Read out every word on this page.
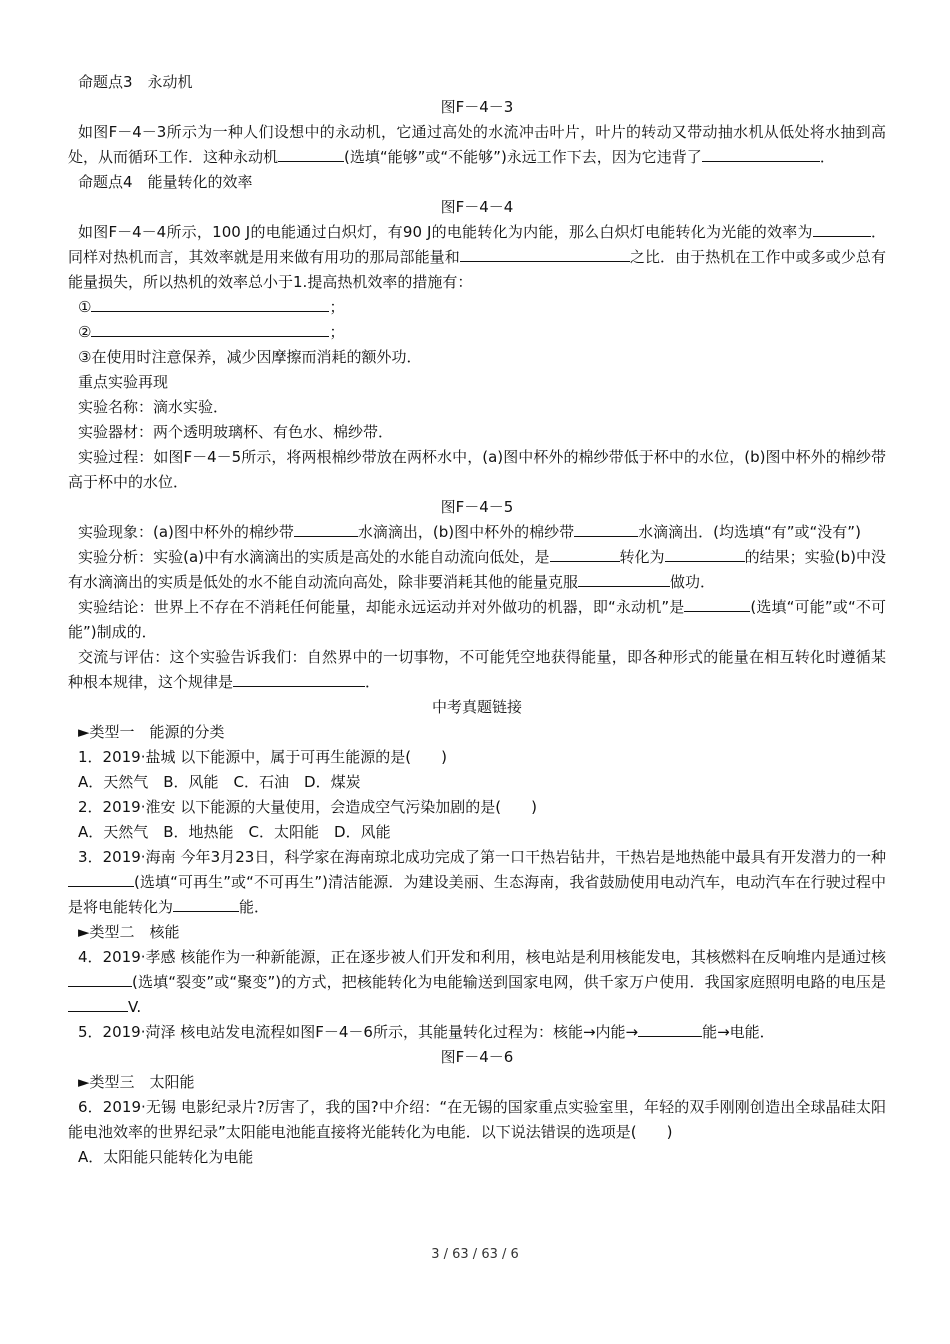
命题点3　永动机

图F－4－3

如图F－4－3所示为一种人们设想中的永动机，它通过高处的水流冲击叶片，叶片的转动又带动抽水机从低处将水抽到高处，从而循环工作．这种永动机	(选填“能够”或“不能够”)永远工作下去，因为它违背了	．

命题点4　能量转化的效率

图F－4－4

如图F－4－4所示，100 J的电能通过白炽灯，有90 J的电能转化为内能，那么白炽灯电能转化为光能的效率为	．同样对热机而言，其效率就是用来做有用功的那局部能量和	之比．由于热机在工作中或多或少总有能量损失，所以热机的效率总小于1.提高热机效率的措施有：

①	；

②	；

③在使用时注意保养，减少因摩擦而消耗的额外功．

重点实验再现

实验名称：滴水实验．

实验器材：两个透明玻璃杯、有色水、棉纱带．

实验过程：如图F－4－5所示，将两根棉纱带放在两杯水中，(a)图中杯外的棉纱带低于杯中的水位，(b)图中杯外的棉纱带高于杯中的水位．

图F－4－5

实验现象：(a)图中杯外的棉纱带	水滴滴出，(b)图中杯外的棉纱带	水滴滴出．(均选填“有”或“没有”)

实验分析：实验(a)中有水滴滴出的实质是高处的水能自动流向低处，是	转化为	的结果；实验(b)中没有水滴滴出的实质是低处的水不能自动流向高处，除非要消耗其他的能量克服	做功．

实验结论：世界上不存在不消耗任何能量，却能永远运动并对外做功的机器，即“永动机”是	(选填“可能”或“不可能”)制成的．

交流与评估：这个实验告诉我们：自然界中的一切事物，不可能凭空地获得能量，即各种形式的能量在相互转化时遵循某种根本规律，这个规律是	．

中考真题链接

►类型一　能源的分类

1．2019·盐城 以下能源中，属于可再生能源的是(　　)

A．天然气　B．风能　C．石油　D．煤炭

2．2019·淮安 以下能源的大量使用，会造成空气污染加剧的是(　　)

A．天然气　B．地热能　C．太阳能　D．风能

3．2019·海南 今年3月23日，科学家在海南琼北成功完成了第一口干热岩钻井，干热岩是地热能中最具有开发潜力的一种(选填“可再生”或“不可再生”)清洁能源．为建设美丽、生态海南，我省鼓励使用电动汽车，电动汽车在行驶过程中是将电能转化为	能．

►类型二　核能

4．2019·孝感 核能作为一种新能源，正在逐步被人们开发和利用，核电站是利用核能发电，其核燃料在反响堆内是通过核(选填“裂变”或“聚变”)的方式，把核能转化为电能输送到国家电网，供千家万户使用．我国家庭照明电路的电压是V.

5．2019·菏泽 核电站发电流程如图F－4－6所示，其能量转化过程为：核能→内能→	能→电能．

图F－4－6

►类型三　太阳能

6．2019·无锡 电影纪录片?厉害了，我的国?中介绍：“在无锡的国家重点实验室里，年轻的双手刚刚创造出全球晶硅太阳能电池效率的世界纪录”太阳能电池能直接将光能转化为电能．以下说法错误的选项是(　　)

A．太阳能只能转化为电能

3 / 63 / 63 / 6
